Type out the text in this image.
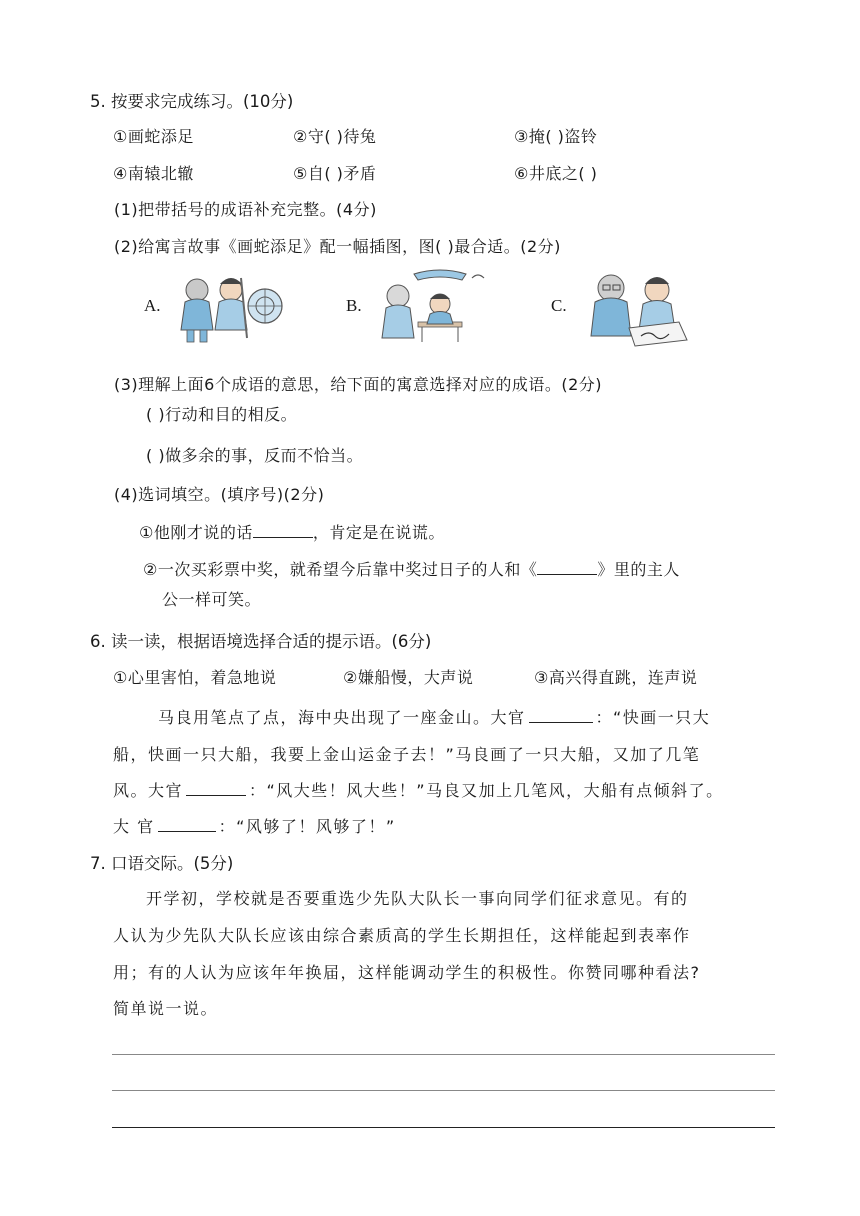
5. 按要求完成练习。(10分)
①画蛇添足	②守( )待兔	③掩( )盗铃
④南辕北辙	⑤自( )矛盾	⑥井底之( )
(1)把带括号的成语补充完整。(4分)
(2)给寓言故事《画蛇添足》配一幅插图，图( )最合适。(2分)
A.	B.	C.
(3)理解上面6个成语的意思，给下面的寓意选择对应的成语。(2分)
( )行动和目的相反。
( )做多余的事，反而不恰当。
(4)选词填空。(填序号)(2分)
①他刚才说的话	，肯定是在说谎。
②一次买彩票中奖，就希望今后靠中奖过日子的人和《	》里的主人
公一样可笑。
6. 读一读，根据语境选择合适的提示语。(6分)
①心里害怕，着急地说	②嫌船慢，大声说	③高兴得直跳，连声说
马良用笔点了点，海中央出现了一座金山。大官	：“快画一只大
船，快画一只大船，我要上金山运金子去！”马良画了一只大船，又加了几笔
风。大官	：“风大些！风大些！”马良又加上几笔风，大船有点倾斜了。
大 官	：“风够了！风够了！”
7. 口语交际。(5分)
开学初，学校就是否要重选少先队大队长一事向同学们征求意见。有的
人认为少先队大队长应该由综合素质高的学生长期担任，这样能起到表率作
用；有的人认为应该年年换届，这样能调动学生的积极性。你赞同哪种看法?
简单说一说。
